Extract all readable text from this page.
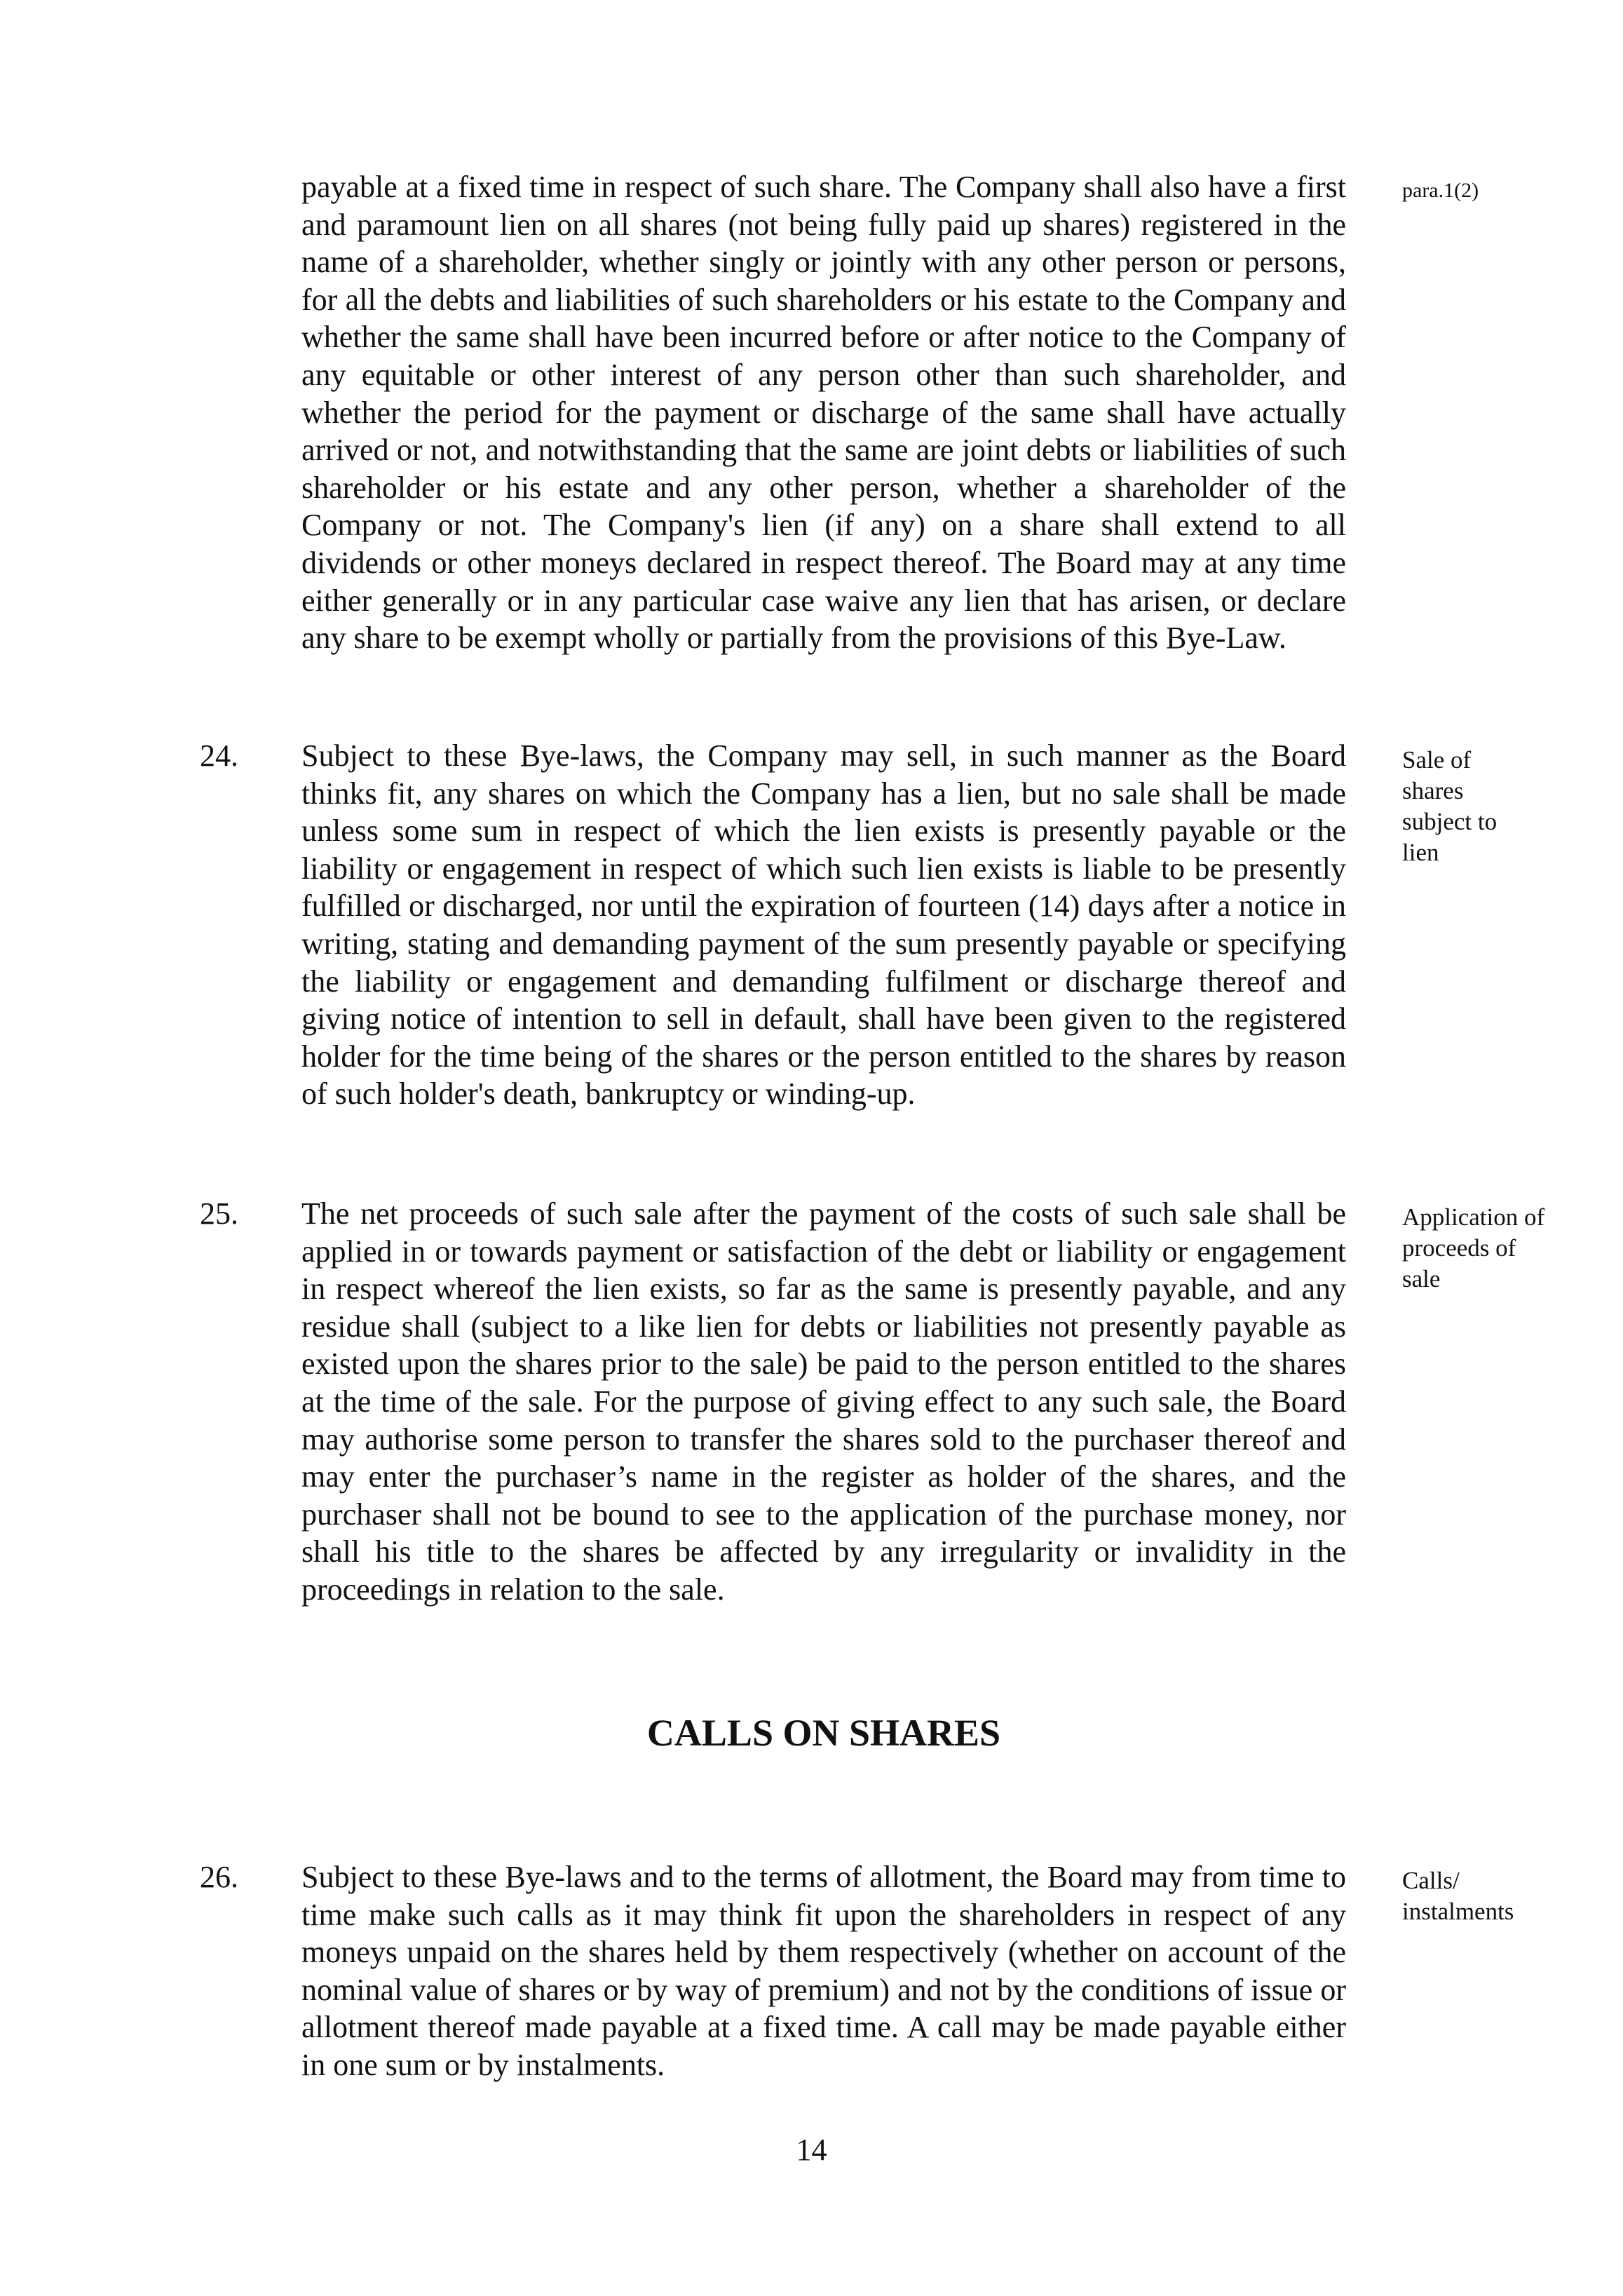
payable at a fixed time in respect of such share. The Company shall also have a first and paramount lien on all shares (not being fully paid up shares) registered in the name of a shareholder, whether singly or jointly with any other person or persons, for all the debts and liabilities of such shareholders or his estate to the Company and whether the same shall have been incurred before or after notice to the Company of any equitable or other interest of any person other than such shareholder, and whether the period for the payment or discharge of the same shall have actually arrived or not, and notwithstanding that the same are joint debts or liabilities of such shareholder or his estate and any other person, whether a shareholder of the Company or not. The Company's lien (if any) on a share shall extend to all dividends or other moneys declared in respect thereof. The Board may at any time either generally or in any particular case waive any lien that has arisen, or declare any share to be exempt wholly or partially from the provisions of this Bye-Law.

para.1(2)

24. Subject to these Bye-laws, the Company may sell, in such manner as the Board thinks fit, any shares on which the Company has a lien, but no sale shall be made unless some sum in respect of which the lien exists is presently payable or the liability or engagement in respect of which such lien exists is liable to be presently fulfilled or discharged, nor until the expiration of fourteen (14) days after a notice in writing, stating and demanding payment of the sum presently payable or specifying the liability or engagement and demanding fulfilment or discharge thereof and giving notice of intention to sell in default, shall have been given to the registered holder for the time being of the shares or the person entitled to the shares by reason of such holder's death, bankruptcy or winding-up.

Sale of shares subject to lien

25. The net proceeds of such sale after the payment of the costs of such sale shall be applied in or towards payment or satisfaction of the debt or liability or engagement in respect whereof the lien exists, so far as the same is presently payable, and any residue shall (subject to a like lien for debts or liabilities not presently payable as existed upon the shares prior to the sale) be paid to the person entitled to the shares at the time of the sale. For the purpose of giving effect to any such sale, the Board may authorise some person to transfer the shares sold to the purchaser thereof and may enter the purchaser’s name in the register as holder of the shares, and the purchaser shall not be bound to see to the application of the purchase money, nor shall his title to the shares be affected by any irregularity or invalidity in the proceedings in relation to the sale.

Application of proceeds of sale

CALLS ON SHARES

26. Subject to these Bye-laws and to the terms of allotment, the Board may from time to time make such calls as it may think fit upon the shareholders in respect of any moneys unpaid on the shares held by them respectively (whether on account of the nominal value of shares or by way of premium) and not by the conditions of issue or allotment thereof made payable at a fixed time. A call may be made payable either in one sum or by instalments.

Calls/ instalments

14
